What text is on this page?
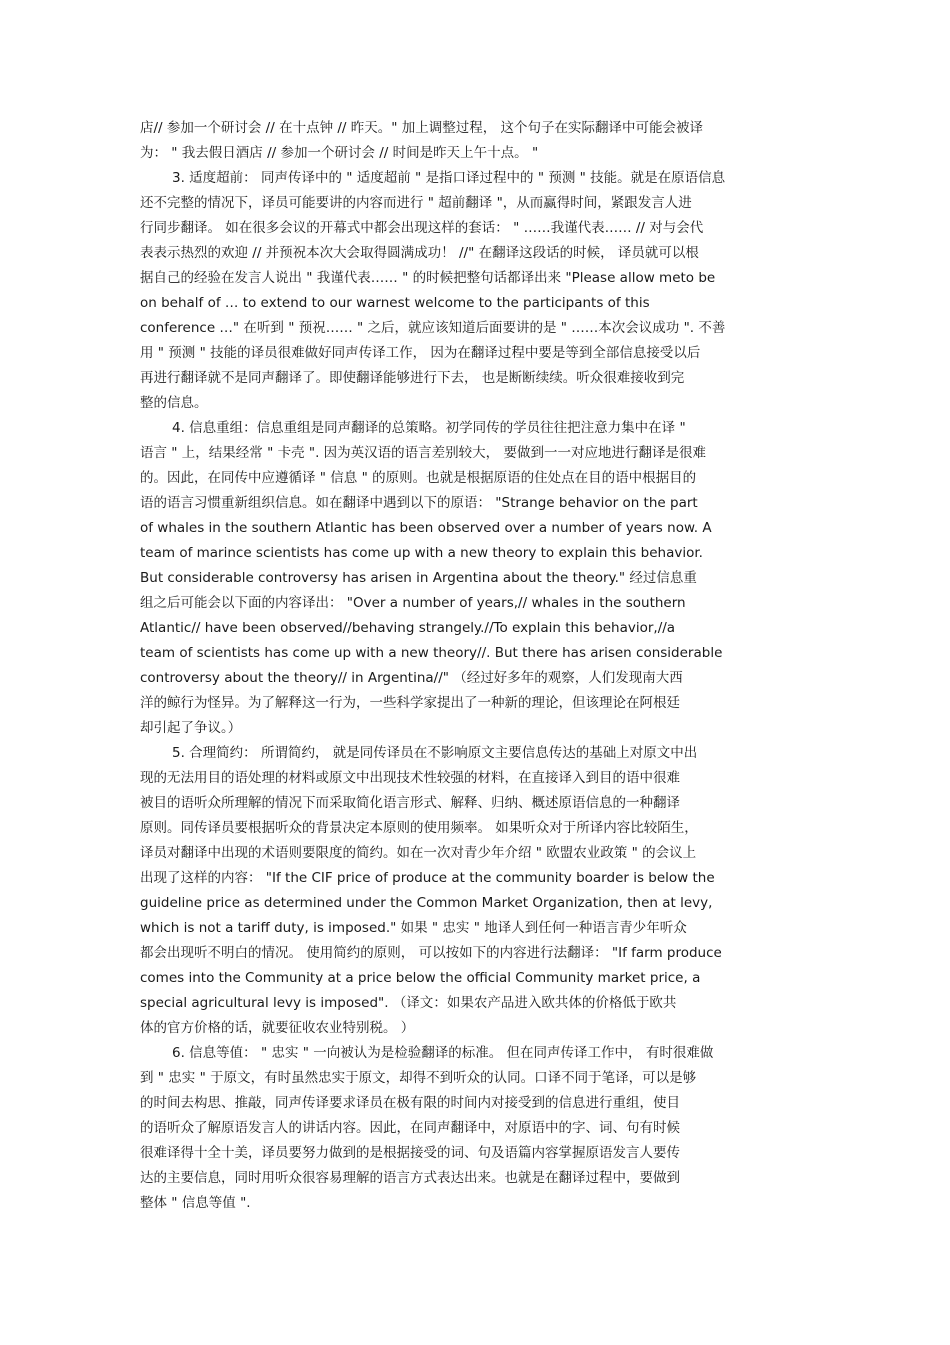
店// 参加一个研讨会 // 在十点钟 // 昨天。" 加上调整过程， 这个句子在实际翻译中可能会被译
为： " 我去假日酒店 // 参加一个研讨会 // 时间是昨天上午十点。 "
3. 适度超前： 同声传译中的 " 适度超前 " 是指口译过程中的 " 预测 " 技能。就是在原语信息
还不完整的情况下，译员可能要讲的内容而进行 " 超前翻译 "，从而赢得时间，紧跟发言人进
行同步翻译。 如在很多会议的开幕式中都会出现这样的套话： " ……我谨代表…… // 对与会代
表表示热烈的欢迎 // 并预祝本次大会取得圆满成功！ //" 在翻译这段话的时候， 译员就可以根
据自己的经验在发言人说出 " 我谨代表…… " 的时候把整句话都译出来 "Please allow meto be
on behalf of … to extend to our warnest welcome to the participants of this
conference …" 在听到 " 预祝…… " 之后，就应该知道后面要讲的是 " ……本次会议成功 ". 不善
用 " 预测 " 技能的译员很难做好同声传译工作， 因为在翻译过程中要是等到全部信息接受以后
再进行翻译就不是同声翻译了。即使翻译能够进行下去， 也是断断续续。听众很难接收到完
整的信息。
4. 信息重组：信息重组是同声翻译的总策略。初学同传的学员往往把注意力集中在译 "
语言 " 上，结果经常 " 卡壳 ". 因为英汉语的语言差别较大， 要做到一一对应地进行翻译是很难
的。因此，在同传中应遵循译 " 信息 " 的原则。也就是根据原语的住处点在目的语中根据目的
语的语言习惯重新组织信息。如在翻译中遇到以下的原语： "Strange behavior on the part
of whales in the southern Atlantic has been observed over a number of years now. A
team of marince scientists has come up with a new theory to explain this behavior.
But considerable controversy has arisen in Argentina about the theory." 经过信息重
组之后可能会以下面的内容译出： "Over a number of years,// whales in the southern
Atlantic// have been observed//behaving strangely.//To explain this behavior,//a
team of scientists has come up with a new theory//. But there has arisen considerable
controversy about the theory// in Argentina//" （经过好多年的观察，人们发现南大西
洋的鲸行为怪异。为了解释这一行为，一些科学家提出了一种新的理论，但该理论在阿根廷
却引起了争议。）
5. 合理简约： 所谓简约， 就是同传译员在不影响原文主要信息传达的基础上对原文中出
现的无法用目的语处理的材料或原文中出现技术性较强的材料，在直接译入到目的语中很难
被目的语听众所理解的情况下而采取简化语言形式、解释、归纳、概述原语信息的一种翻译
原则。同传译员要根据听众的背景决定本原则的使用频率。 如果听众对于所译内容比较陌生，
译员对翻译中出现的术语则要限度的简约。如在一次对青少年介绍 " 欧盟农业政策 " 的会议上
出现了这样的内容： "If the CIF price of produce at the community boarder is below the
guideline price as determined under the Common Market Organization, then at levy,
which is not a tariff duty, is imposed." 如果 " 忠实 " 地译人到任何一种语言青少年听众
都会出现听不明白的情况。 使用简约的原则， 可以按如下的内容进行法翻译： "If farm produce
comes into the Community at a price below the official Community market price, a
special agricultural levy is imposed". （译文：如果农产品进入欧共体的价格低于欧共
体的官方价格的话，就要征收农业特别税。 ）
6. 信息等值： " 忠实 " 一向被认为是检验翻译的标准。 但在同声传译工作中， 有时很难做
到 " 忠实 " 于原文，有时虽然忠实于原文，却得不到听众的认同。口译不同于笔译，可以是够
的时间去构思、推敲，同声传译要求译员在极有限的时间内对接受到的信息进行重组，使目
的语听众了解原语发言人的讲话内容。因此，在同声翻译中，对原语中的字、词、句有时候
很难译得十全十美，译员要努力做到的是根据接受的词、句及语篇内容掌握原语发言人要传
达的主要信息，同时用听众很容易理解的语言方式表达出来。也就是在翻译过程中，要做到
整体 " 信息等值 ".
